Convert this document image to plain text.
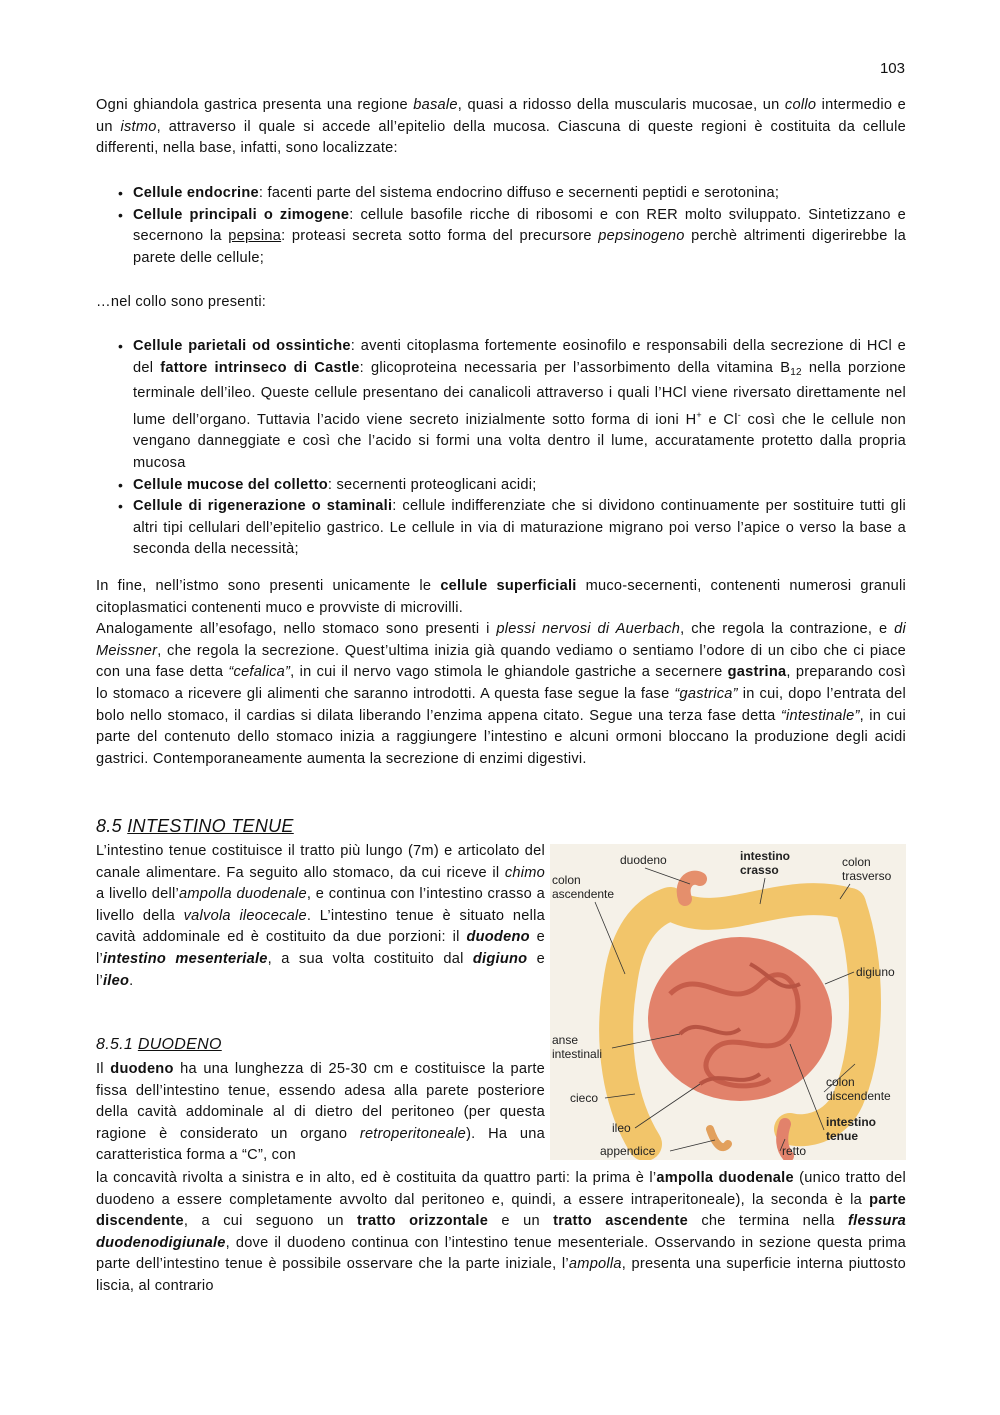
103

Ogni ghiandola gastrica presenta una regione basale, quasi a ridosso della muscularis mucosae, un collo intermedio e un istmo, attraverso il quale si accede all’epitelio della mucosa. Ciascuna di queste regioni è costituita da cellule differenti, nella base, infatti, sono localizzate:

• Cellule endocrine: facenti parte del sistema endocrino diffuso e secernenti peptidi e serotonina;
• Cellule principali o zimogene: cellule basofile ricche di ribosomi e con RER molto sviluppato. Sintetizzano e secernono la pepsina: proteasi secreta sotto forma del precursore pepsinogeno perchè altrimenti digerirebbe la parete delle cellule;

…nel collo sono presenti:

• Cellule parietali od ossintiche: aventi citoplasma fortemente eosinofilo e responsabili della secrezione di HCl e del fattore intrinseco di Castle: glicoproteina necessaria per l’assorbimento della vitamina $B_{12}$ nella porzione terminale dell’ileo. Queste cellule presentano dei canalicoli attraverso i quali l’HCl viene riversato direttamente nel lume dell’organo. Tuttavia l’acido viene secreto inizialmente sotto forma di ioni H+ e Cl- così che le cellule non vengano danneggiate e così che l’acido si formi una volta dentro il lume, accuratamente protetto dalla propria mucosa
• Cellule mucose del colletto: secernenti proteoglicani acidi;
• Cellule di rigenerazione o staminali: cellule indifferenziate che si dividono continuamente per sostituire tutti gli altri tipi cellulari dell’epitelio gastrico. Le cellule in via di maturazione migrano poi verso l’apice o verso la base a seconda della necessità;

In fine, nell’istmo sono presenti unicamente le cellule superficiali muco-secernenti, contenenti numerosi granuli citoplasmatici contenenti muco e provviste di microvilli.

Analogamente all’esofago, nello stomaco sono presenti i plessi nervosi di Auerbach, che regola la contrazione, e di Meissner, che regola la secrezione. Quest’ultima inizia già quando vediamo o sentiamo l’odore di un cibo che ci piace con una fase detta “cefalica”, in cui il nervo vago stimola le ghiandole gastriche a secernere gastrina, preparando così lo stomaco a ricevere gli alimenti che saranno introdotti. A questa fase segue la fase “gastrica” in cui, dopo l’entrata del bolo nello stomaco, il cardias si dilata liberando l’enzima appena citato. Segue una terza fase detta “intestinale”, in cui parte del contenuto dello stomaco inizia a raggiungere l’intestino e alcuni ormoni bloccano la produzione degli acidi gastrici. Contemporaneamente aumenta la secrezione di enzimi digestivi.

8.5 INTESTINO TENUE

L’intestino tenue costituisce il tratto più lungo (7m) e articolato del canale alimentare. Fa seguito allo stomaco, da cui riceve il chimo a livello dell’ampolla duodenale, e continua con l’intestino crasso a livello della valvola ileocecale. L’intestino tenue è situato nella cavità addominale ed è costituito da due porzioni: il duodeno e l’intestino mesenteriale, a sua volta costituito dal digiuno e l’ileo.

8.5.1 DUODENO

Il duodeno ha una lunghezza di 25-30 cm e costituisce la parte fissa dell’intestino tenue, essendo adesa alla parete posteriore della cavità addominale al di dietro del peritoneo (per questa ragione è considerato un organo retroperitoneale). Ha una caratteristica forma a “C”, con

la concavità rivolta a sinistra e in alto, ed è costituita da quattro parti: la prima è l’ampolla duodenale (unico tratto del duodeno a essere completamente avvolto dal peritoneo e, quindi, a essere intraperitoneale), la seconda è la parte discendente, a cui seguono un tratto orizzontale e un tratto ascendente che termina nella flessura duodenodigiunale, dove il duodeno continua con l’intestino tenue mesenteriale. Osservando in sezione questa prima parte dell’intestino tenue è possibile osservare che la parte iniziale, l’ampolla, presenta una superficie interna piuttosto liscia, al contrario

duodeno	intestino
crasso
colon
trasverso
colon
ascendente
digiuno
anse
intestinali
colon
discendente
cieco
ileo	intestino
tenue
appendice	retto
